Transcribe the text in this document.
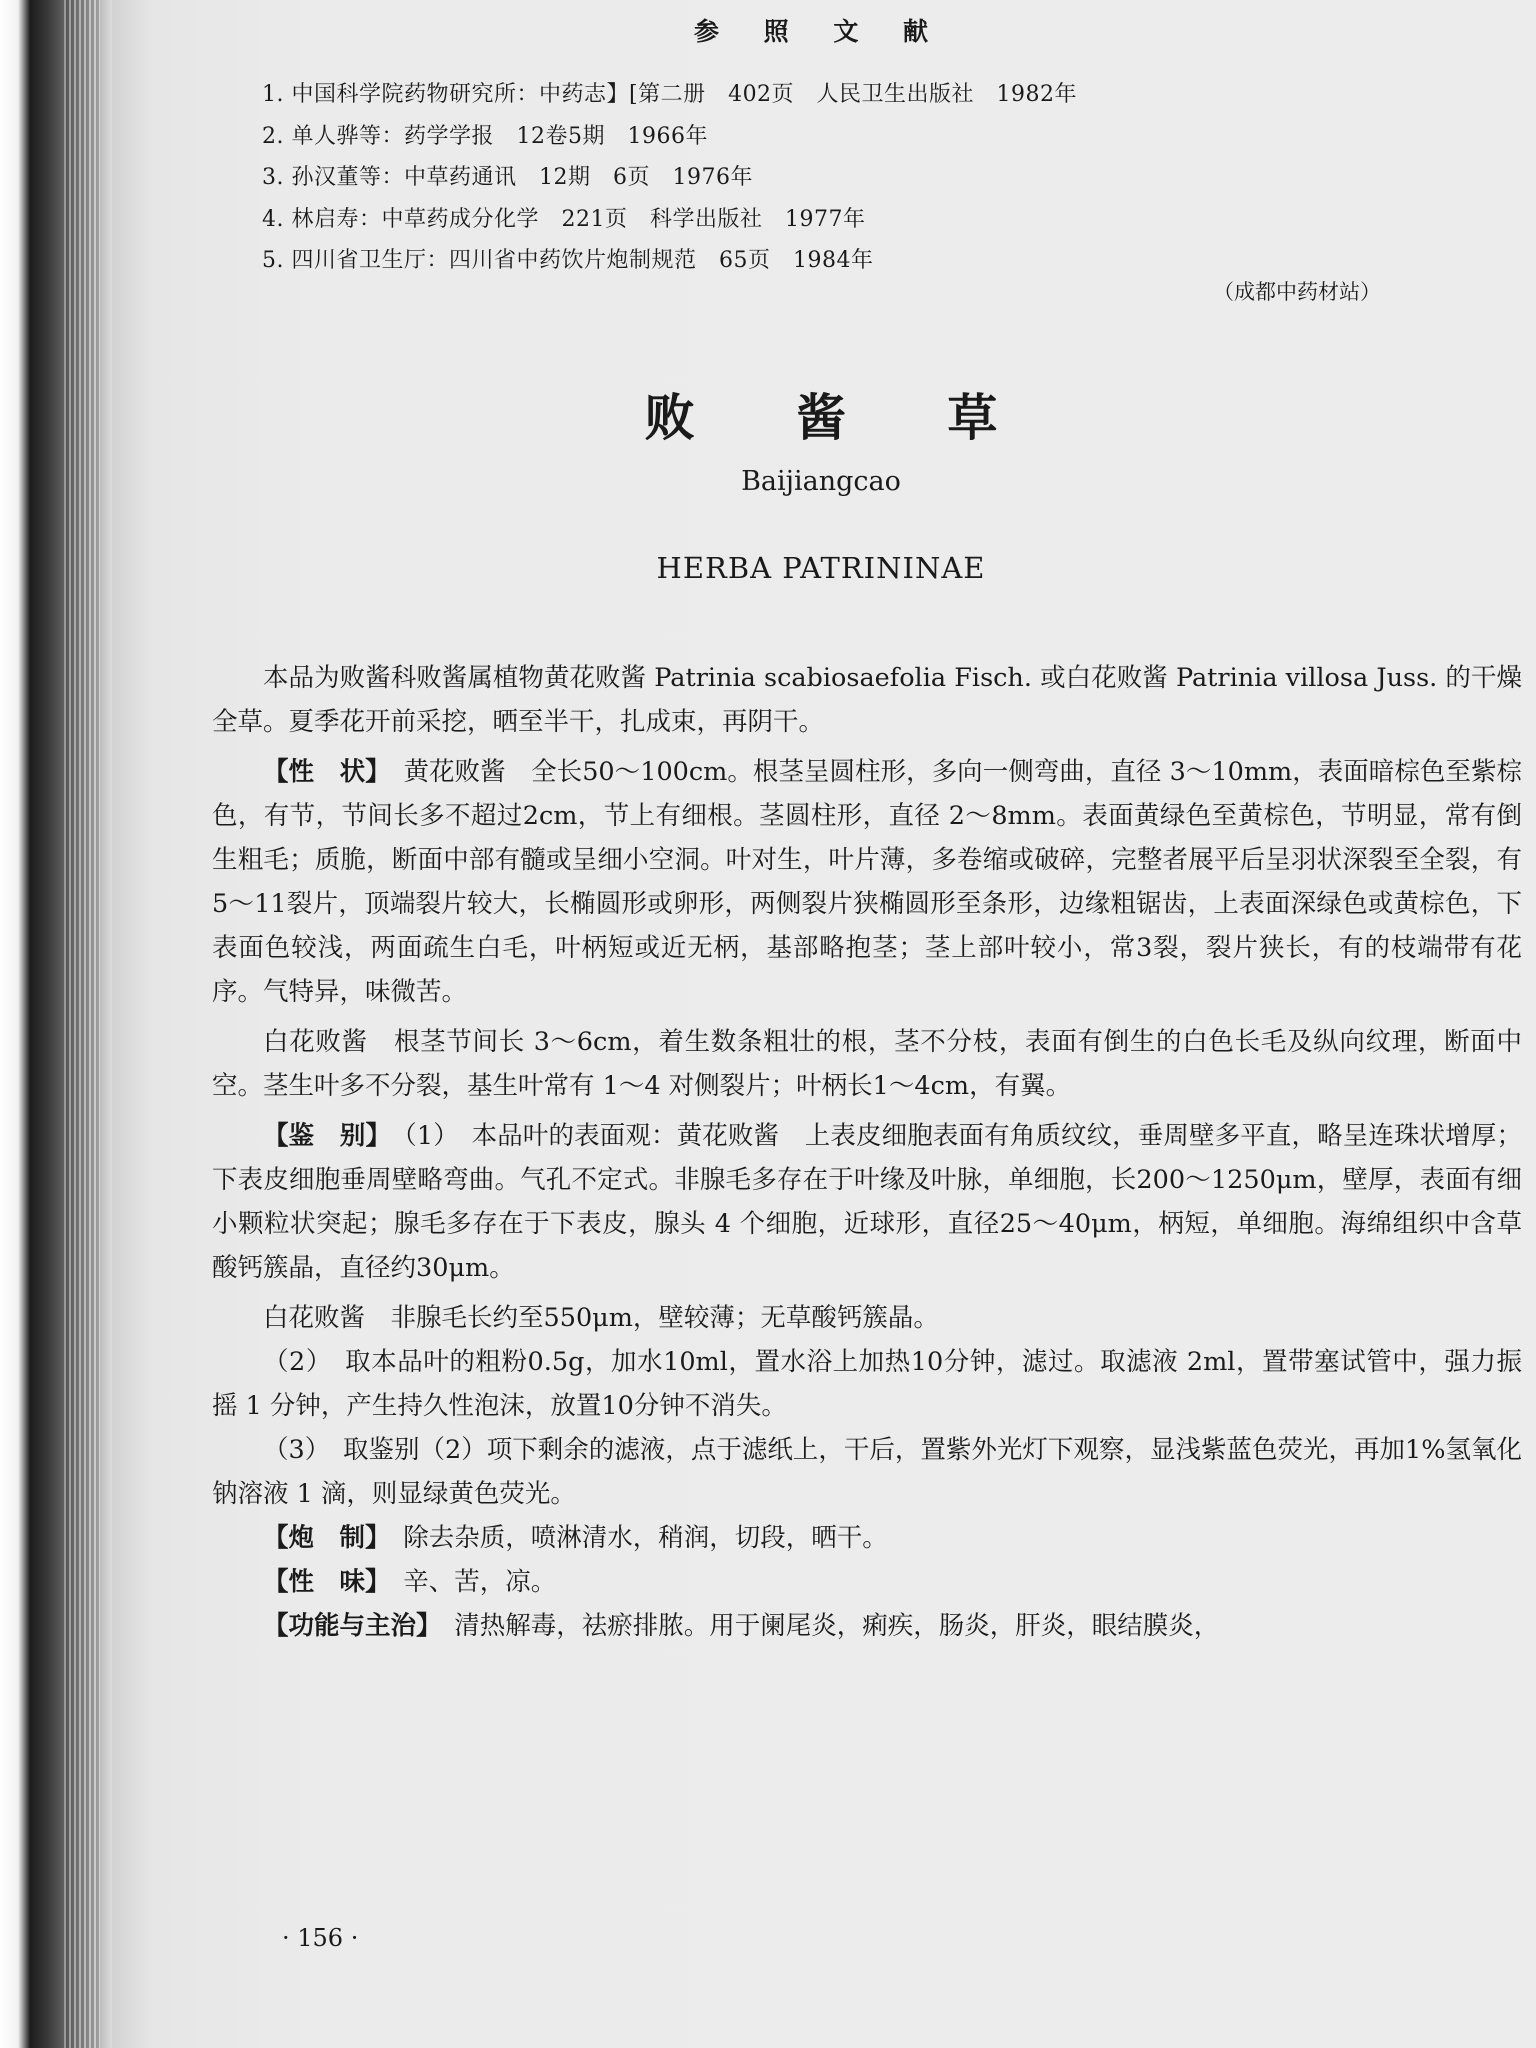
参 照 文 献
1. 中国科学院药物研究所：中药志】[第二册　402页　人民卫生出版社　1982年
2. 单人骅等：药学学报　12卷5期　1966年
3. 孙汉董等：中草药通讯　12期　6页　1976年
4. 林启寿：中草药成分化学　221页　科学出版社　1977年
5. 四川省卫生厅：四川省中药饮片炮制规范　65页　1984年
（成都中药材站）
败 酱 草
Baijiangcao
HERBA PATRININAE

本品为败酱科败酱属植物黄花败酱 Patrinia scabiosaefolia Fisch. 或白花败酱 Patrinia villosa Juss. 的干燥全草。夏季花开前采挖，晒至半干，扎成束，再阴干。

【性　状】　 黄花败酱　全长50～100cm。根茎呈圆柱形，多向一侧弯曲，直径 3～10mm，表面暗棕色至紫棕色，有节，节间长多不超过2cm，节上有细根。茎圆柱形，直径 2～8mm。表面黄绿色至黄棕色，节明显，常有倒生粗毛；质脆，断面中部有髓或呈细小空洞。叶对生，叶片薄，多卷缩或破碎，完整者展平后呈羽状深裂至全裂，有5～11裂片，顶端裂片较大，长椭圆形或卵形，两侧裂片狭椭圆形至条形，边缘粗锯齿，上表面深绿色或黄棕色，下表面色较浅，两面疏生白毛，叶柄短或近无柄，基部略抱茎；茎上部叶较小，常3裂，裂片狭长，有的枝端带有花序。气特异，味微苦。

白花败酱　根茎节间长 3～6cm，着生数条粗壮的根，茎不分枝，表面有倒生的白色长毛及纵向纹理，断面中空。茎生叶多不分裂，基生叶常有 1～4 对侧裂片；叶柄长1～4cm，有翼。

【鉴　别】　 （1）　本品叶的表面观：黄花败酱　上表皮细胞表面有角质纹纹，垂周壁多平直，略呈连珠状增厚；下表皮细胞垂周壁略弯曲。气孔不定式。非腺毛多存在于叶缘及叶脉，单细胞，长200～1250μm，壁厚，表面有细小颗粒状突起；腺毛多存在于下表皮，腺头 4 个细胞，近球形，直径25～40μm，柄短，单细胞。海绵组织中含草酸钙簇晶，直径约30μm。

白花败酱　非腺毛长约至550μm，壁较薄；无草酸钙簇晶。

（2）　取本品叶的粗粉0.5g，加水10ml，置水浴上加热10分钟，滤过。取滤液 2ml，置带塞试管中，强力振摇 1 分钟，产生持久性泡沫，放置10分钟不消失。

（3）　取鉴别（2）项下剩余的滤液，点于滤纸上，干后，置紫外光灯下观察，显浅紫蓝色荧光，再加1%氢氧化钠溶液 1 滴，则显绿黄色荧光。

【炮　制】　 除去杂质，喷淋清水，稍润，切段，晒干。

【性　味】　 辛、苦，凉。

【功能与主治】　 清热解毒，祛瘀排脓。用于阑尾炎，痢疾，肠炎，肝炎，眼结膜炎，

· 156 ·
